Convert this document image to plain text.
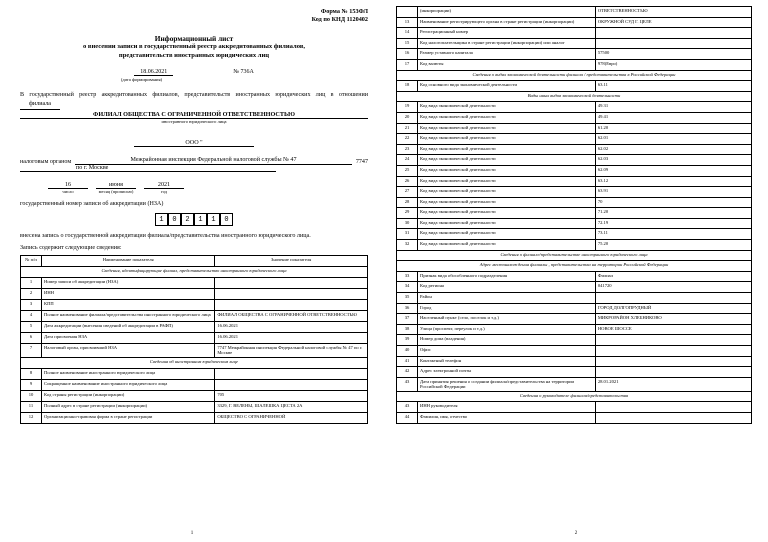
Форма № 153ФЛ
Код по КНД 1120402
Информационный лист
о внесении записи в государственный реестр аккредитованных филиалов,
представительств иностранных юридических лиц
18.06.2021	№ 736А
(дата формирования)
В государственный реестр аккредитованных филиалов, представительств иностранных юридических лиц в отношении филиала
ФИЛИАЛ ОБЩЕСТВА С ОГРАНИЧЕННОЙ ОТВЕТСТВЕННОСТЬЮ
иностранного юридического лица
ООО "
налоговым органом	Межрайонная инспекция Федеральной налоговой службы № 47	7747
по г. Москве
16	июня	2021
число	месяц (прописью)	год
государственный номер записи об аккредитации (НЗА)
1	0	2	1	1	0
внесена запись о государственной аккредитации филиала/представительства иностранного юридического лица.
Запись содержит следующие сведения:
№ п/п	Наименование показателя	Значение показателя
Сведения, идентифицирующие филиал, представительство иностранного юридического лица		
1	Номер записи об аккредитации (НЗА)	
2	ИНН	
3	КПП	
4	Полное наименование филиала/представительства иностранного юридического лица	ФИЛИАЛ ОБЩЕСТВА С ОГРАНИЧЕННОЙ ОТВЕТСТВЕННОСТЬЮ
5	Дата аккредитации (внесения сведений об аккредитации в РАФП)	16.06.2021
6	Дата присвоения НЗА	16.06.2021
7	Налоговый орган, присвоивший НЗА	7747 Межрайонная инспекция Федеральной налоговой службы № 47 по г. Москве
Сведения об иностранном юридическом лице		
8	Полное наименование иностранного юридического лица	
9	Сокращенное наименование иностранного юридического лица	
10	Код страны регистрации (инкорпорации)	705
11	Полный адрес в стране регистрации (инкорпорации)	3329, Г. ВЕЛЕНЫ, ШАЛЕШКА ЦЕСТА 2А
12	Организационно-правовая форма в стране регистрации	ОБЩЕСТВО С ОГРАНИЧЕННОЙ
1
	(инкорпорации)	ОТВЕТСТВЕННОСТЬЮ
13	Наименование регистрирующего органа в стране регистрации (инкорпорации)	ОКРУЖНОЙ СУД Г. ЦЕЛЕ
14	Регистрационный номер	
15	Код налогоплательщика в стране регистрации (инкорпорации) или аналог	
16	Размер уставного капитала	57500
17	Код валюты	978(Евро)
Сведения о видах экономической деятельности филиала / представительства в Российской Федерации		
18	Код основного вида экономической деятельности	63.11
Виды иных видов экономической деятельности		
19	Код вида экономической деятельности	49.31
20	Код вида экономической деятельности	49.41
21	Код вида экономической деятельности	61.20
22	Код вида экономической деятельности	62.01
23	Код вида экономической деятельности	62.02
24	Код вида экономической деятельности	62.03
25	Код вида экономической деятельности	62.09
26	Код вида экономической деятельности	63.12
27	Код вида экономической деятельности	63.91
28	Код вида экономической деятельности	70
29	Код вида экономической деятельности	71.20
30	Код вида экономической деятельности	72.19
31	Код вида экономической деятельности	73.11
32	Код вида экономической деятельности	75.20
Сведения о филиале/представительстве иностранного юридического лица		
Адрес местонахождения филиалы , представительства на территории Российской Федерации		
33	Признак вида обособленного подразделения	Филиал
34	Код региона	041720
35	Район	
36	Город	ГОРОД ДОЛГОПРУДНЫЙ
37	Населенный пункт (село, поселок и т.д.)	МИКРОРАЙОН ХЛЕБНИКОВО
38	Улица (проспект, переулок и т.д.)	НОВОЕ ШОССЕ
39	Номер дома (владения)	
40	Офис	
41	Контактный телефон	
42	Адрес электронной почты	
43	Дата принятия решения о создании филиала/представительства на территории Российской Федерации	28.01.2021
Сведения о руководителе филиала/представительства		
43	ИНН руководителя	
44	Фамилия, имя, отчество	
2
